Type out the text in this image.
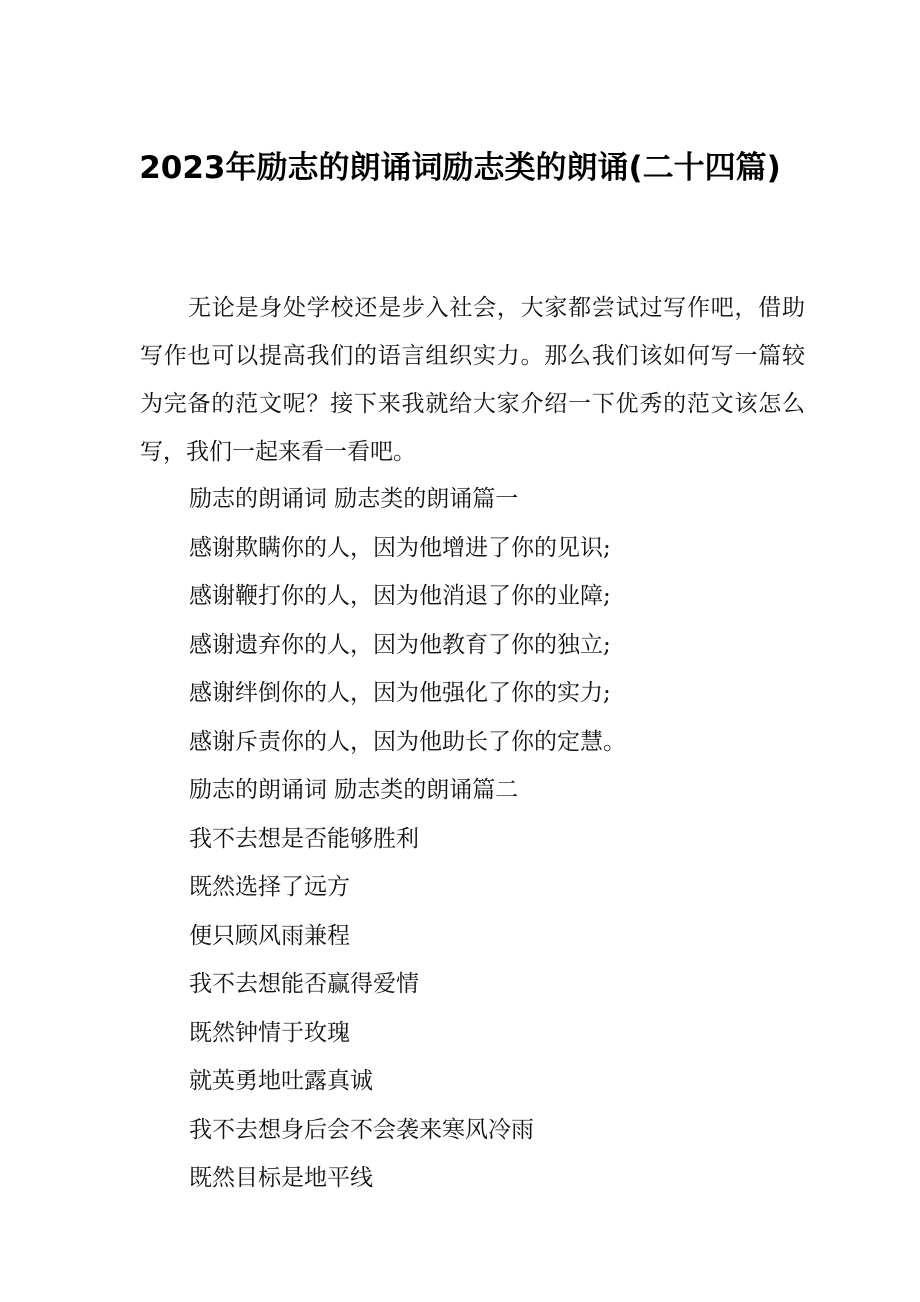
2023年励志的朗诵词励志类的朗诵(二十四篇)

无论是身处学校还是步入社会，大家都尝试过写作吧，借助写作也可以提高我们的语言组织实力。那么我们该如何写一篇较为完备的范文呢？接下来我就给大家介绍一下优秀的范文该怎么写，我们一起来看一看吧。

励志的朗诵词 励志类的朗诵篇一
感谢欺瞒你的人，因为他增进了你的见识;
感谢鞭打你的人，因为他消退了你的业障;
感谢遗弃你的人，因为他教育了你的独立;
感谢绊倒你的人，因为他强化了你的实力;
感谢斥责你的人，因为他助长了你的定慧。
励志的朗诵词 励志类的朗诵篇二
我不去想是否能够胜利
既然选择了远方
便只顾风雨兼程
我不去想能否赢得爱情
既然钟情于玫瑰
就英勇地吐露真诚
我不去想身后会不会袭来寒风冷雨
既然目标是地平线
